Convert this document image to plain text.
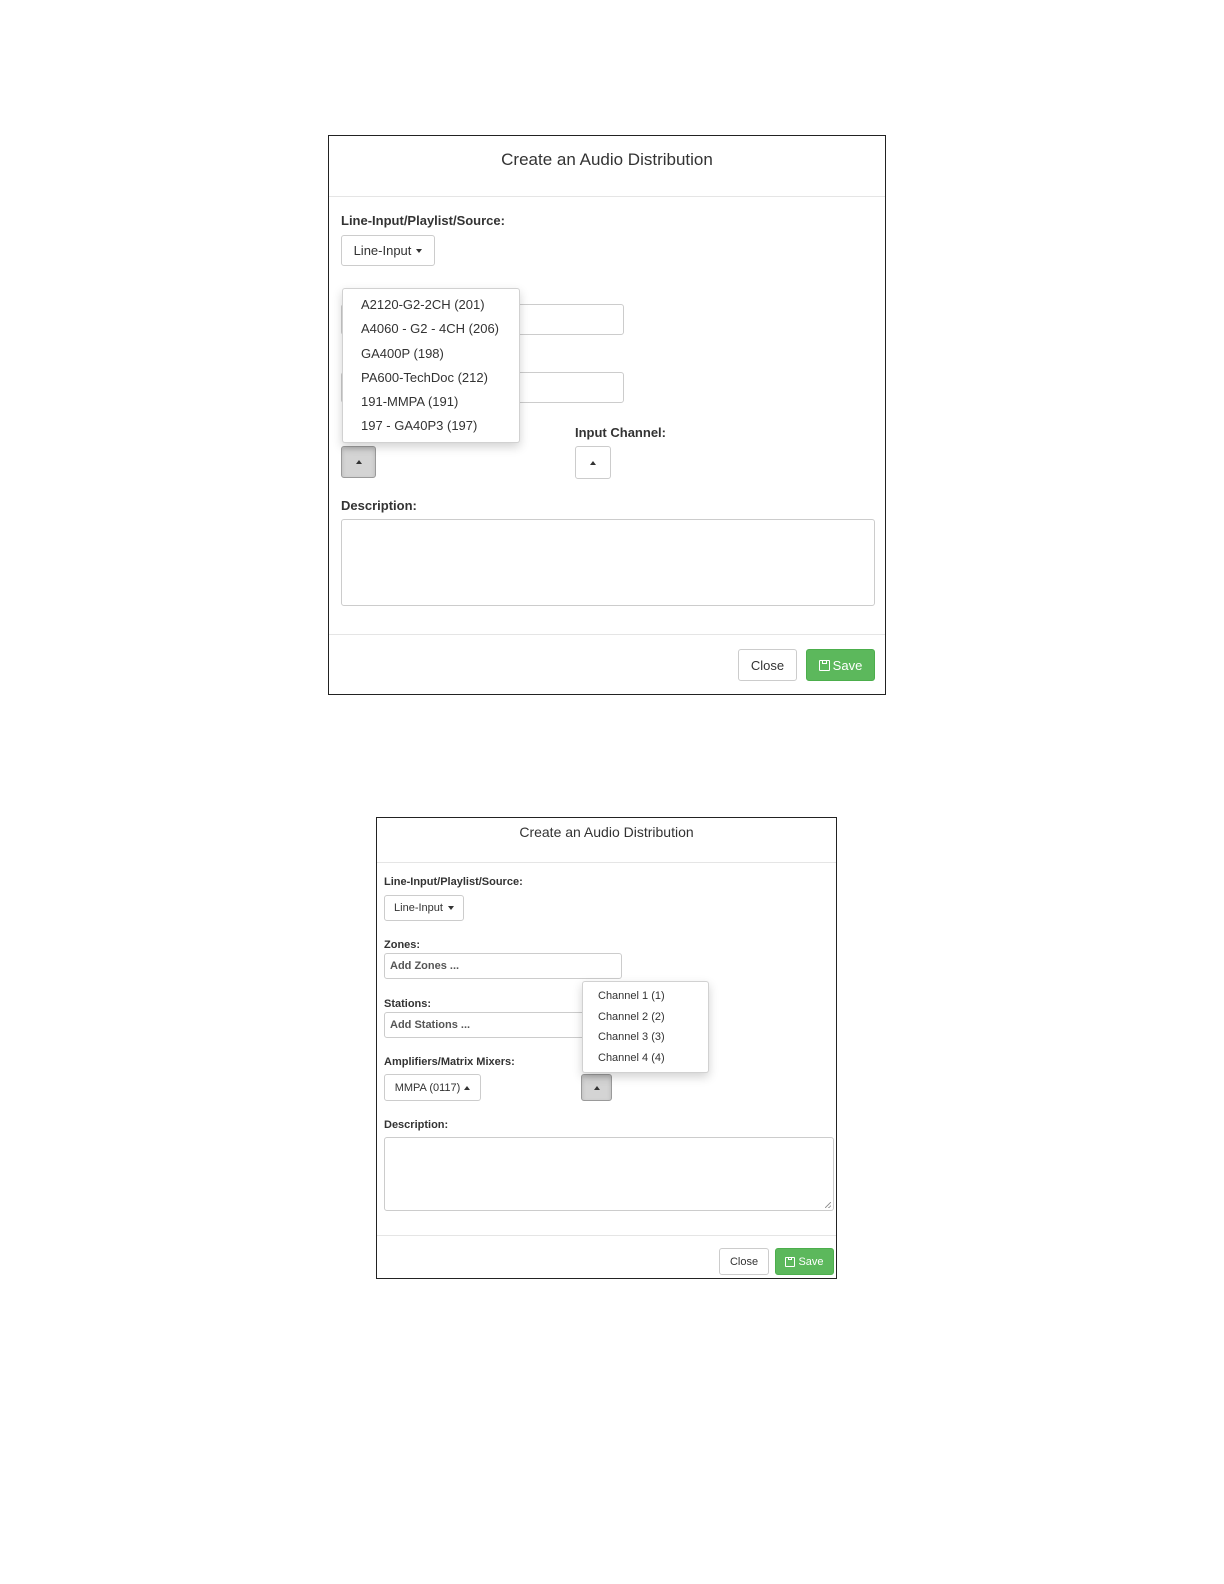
Create an Audio Distribution
Line-Input/Playlist/Source:
Line-Input
Input Channel:
Description:
Close	Save
A2120-G2-2CH (201)
A4060 - G2 - 4CH (206)
GA400P (198)
PA600-TechDoc (212)
191-MMPA (191)
197 - GA40P3 (197)
Create an Audio Distribution
Line-Input/Playlist/Source:
Line-Input
Zones:
Add Zones ...
Stations:
Add Stations ...
Amplifiers/Matrix Mixers:
MMPA (0117)
Description:
Close	Save
Channel 1 (1)
Channel 2 (2)
Channel 3 (3)
Channel 4 (4)
